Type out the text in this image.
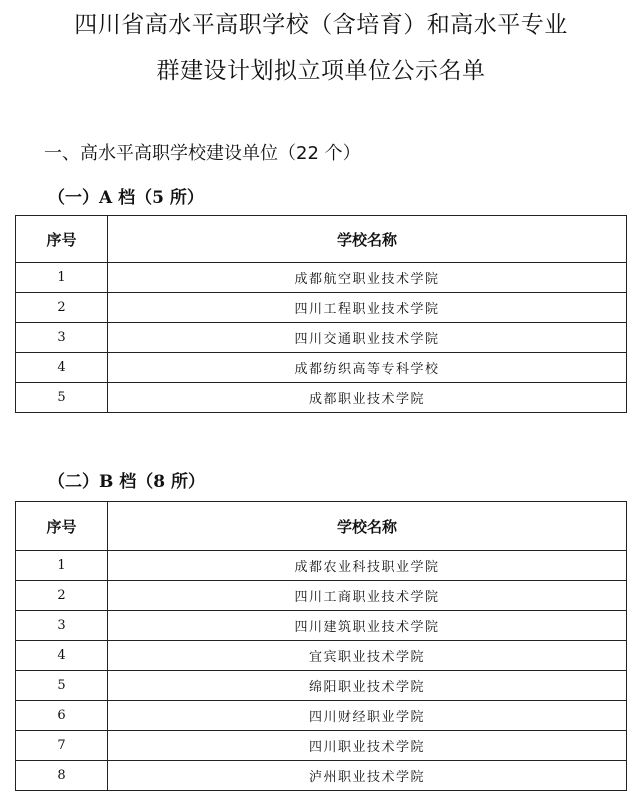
四川省高水平高职学校（含培育）和高水平专业
群建设计划拟立项单位公示名单
一、高水平高职学校建设单位（22 个）
（一）A 档（5 所）
序号	学校名称
1	成都航空职业技术学院
2	四川工程职业技术学院
3	四川交通职业技术学院
4	成都纺织高等专科学校
5	成都职业技术学院
（二）B 档（8 所）
序号	学校名称
1	成都农业科技职业学院
2	四川工商职业技术学院
3	四川建筑职业技术学院
4	宜宾职业技术学院
5	绵阳职业技术学院
6	四川财经职业学院
7	四川职业技术学院
8	泸州职业技术学院
